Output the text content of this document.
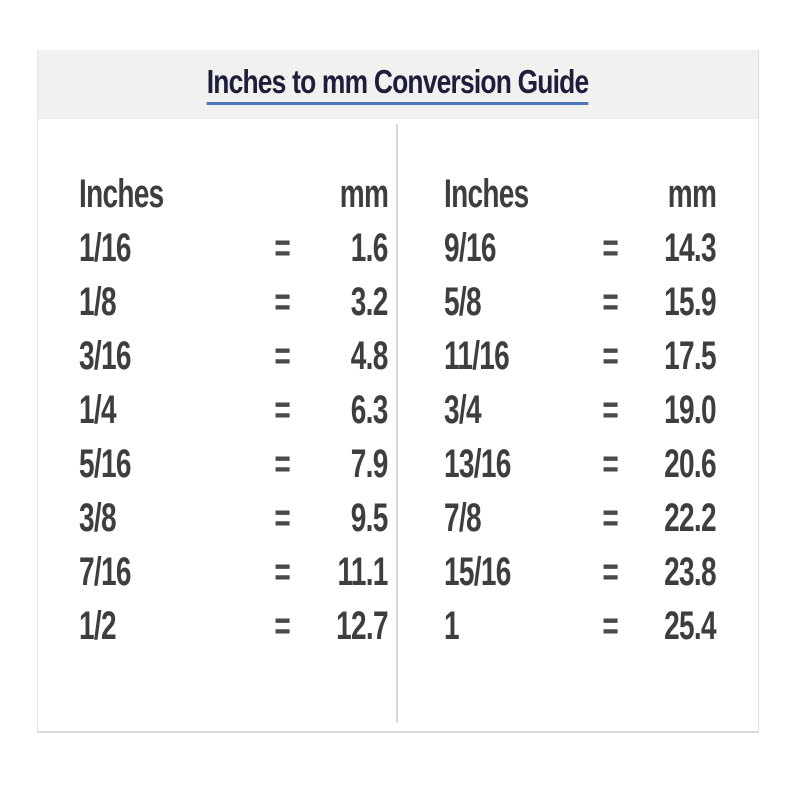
Inches to mm Conversion Guide
Inches	mm
1/16	=	1.6
1/8	=	3.2
3/16	=	4.8
1/4	=	6.3
5/16	=	7.9
3/8	=	9.5
7/16	=	11.1
1/2	=	12.7
Inches	mm
9/16	=	14.3
5/8	=	15.9
11/16	=	17.5
3/4	=	19.0
13/16	=	20.6
7/8	=	22.2
15/16	=	23.8
1	=	25.4
